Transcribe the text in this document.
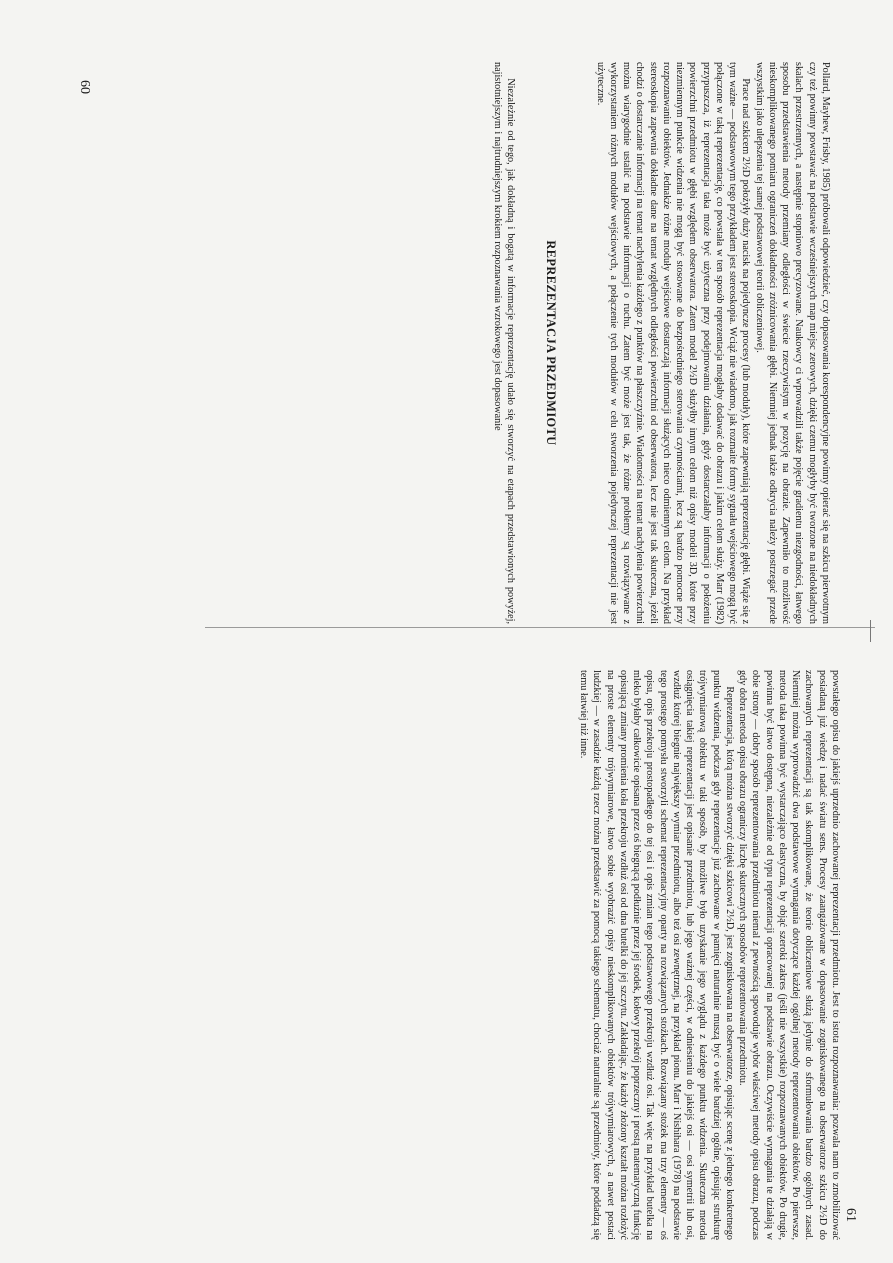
powstałego opisu do jakiejś uprzednio zachowanej reprezentacji przedmiotu. Jest to istota rozpoznawania: pozwala nam to zmobilizować posiadaną już wiedzę i nadać światu sens. Procesy zaangażowane w dopasowanie zogniskowanego na obserwatorze szkicu 2½D do zachowanych reprezentacji są tak skomplikowane, że teorie obliczeniowe służą jedynie do sformułowania bardzo ogólnych zasad. Niemniej można wyprowadzić dwa podstawowe wymagania dotyczące każdej ogólnej metody reprezentowania obiektów. Po pierwsze, metoda taka powinna być wystarczająco elastyczna, by objąć szeroki zakres (jeśli nie wszystkie) rozpoznawanych obiektów. Po drugie, powinna być łatwo dostępna, niezależnie od typu reprezentacji opracowanej na podstawie obrazu. Oczywiście wymagania te działają w obie strony — dobry sposób reprezentowania przedmiotu niemal z pewnością spowoduje wybór właściwej metody opisu obrazu, podczas gdy dobra metoda opisu obrazu ograniczy liczbę skutecznych sposobów reprezentowania przedmiotu.

Reprezentacja, którą można stworzyć dzięki szkicowi 2½D, jest zogniskowana na obserwatorze, opisując scenę z jednego konkretnego punktu widzenia, podczas gdy reprezentacje już zachowane w pamięci naturalnie muszą być o wiele bardziej ogólne, opisując strukturę trójwymiarową obiektu w taki sposób, by możliwe było uzyskanie jego wyglądu z każdego punktu widzenia. Skuteczna metoda osiągnięcia takiej reprezentacji jest opisanie przedmiotu, lub jego ważnej części, w odniesieniu do jakiejś osi — osi symetrii lub osi, wzdłuż której biegnie największy wymiar przedmiotu, albo też osi zewnętrznej, na przykład pionu. Marr i Nishihara (1978) na podstawie tego prostego pomysłu stworzyli schemat reprezentacyjny oparty na rozwiązanych stożkach. Rozwiązany stożek ma trzy elementy — oś opisu, opis przekroju prostopadłego do tej osi i opis zmian tego podstawowego przekroju wzdłuż osi. Tak więc na przykład butelka na mleko byłaby całkowicie opisana przez oś biegnącą podłużnie przez jej środek, kołowy przekrój poprzeczny i prostą matematyczną funkcję opisującą zmiany promienia koła przekroju wzdłuż osi od dna butelki do jej szczytu. Zakładając, że każdy złożony kształt można rozłożyć na proste elementy trójwymiarowe, łatwo sobie wyobrazić opisy nieskomplikowanych obiektów trójwymiarowych, a nawet postaci ludzkiej — w zasadzie każdą rzecz można przedstawić za pomocą takiego schematu, chociaż naturalnie są przedmioty, które poddadzą się temu łatwiej niż inne.

61

Pollard, Mayhew, Frisby, 1985) próbowali odpowiedzieć, czy dopasowania korespondencyjne powinny opierać się na szkicu pierwotnym czy też powinny powstawać na podstawie wcześniejszych map miejsc zerowych, dzięki czemu mogłyby być tworzone na niedokładnych skalach przestrzennych, a następnie stopniowo precyzowane. Naukowcy ci wprowadzili także pojęcie gradientu niezgodności, łatwego sposobu przedstawienia metody przemiany odległości w świecie rzeczywistym w pozycję na obrazie. Zapewniło to możliwość nieskomplikowanego pomiaru ograniczeń dokładności zróżnicowania głębi. Niemniej jednak także odkrycia należy postrzegać przede wszystkim jako ulepszenia tej samej podstawowej teorii obliczeniowej.

Prace nad szkicem 2½D położyły duży nacisk na pojedyncze procesy (lub moduły), które zapewniają reprezentację głębi. Wiąże się z tym ważne — podstawowym tego przykładem jest stereoskopia. Wciąż nie wiadomo, jak rozmaite formy sygnału wejściowego mogą być połączone w taką reprezentację, co powstała w ten sposób reprezentacja mogłaby dodawać do obrazu i jakim celom służy. Marr (1982) przypuszcza, iż reprezentacja taka może być użyteczna przy podejmowaniu działania, gdyż dostarczałaby informacji o położeniu powierzchni przedmiotu w głębi względem obserwatora. Zatem model 2½D służyłby innym celom niż opisy modeli 3D, które przy niezmiennym punkcie widzenia nie mogą być stosowane do bezpośredniego sterowania czynnościami, lecz są bardzo pomocne przy rozpoznawaniu obiektów. Jednakże różne moduły wejściowe dostarczają informacji służących nieco odmiennym celom. Na przykład stereoskopia zapewnia dokładne dane na temat względnych odległości powierzchni od obserwatora, lecz nie jest tak skuteczna, jeżeli chodzi o dostarczanie informacji na temat nachylenia każdego z punktów na płaszczyźnie. Wiadomości na temat nachylenia powierzchni można wiarygodnie ustalić na podstawie informacji o ruchu. Zatem być może jest tak, że różne problemy są rozwiązywane z wykorzystaniem różnych modułów wejściowych, a połączenie tych modułów w celu stworzenia pojedynczej reprezentacji nie jest użyteczne.

REPREZENTACJA PRZEDMIOTU

Niezależnie od tego, jak dokładną i bogatą w informacje reprezentację udało się stworzyć na etapach przedstawionych powyżej, najistotniejszym i najtrudniejszym krokiem rozpoznawania wzrokowego jest dopasowanie

60
